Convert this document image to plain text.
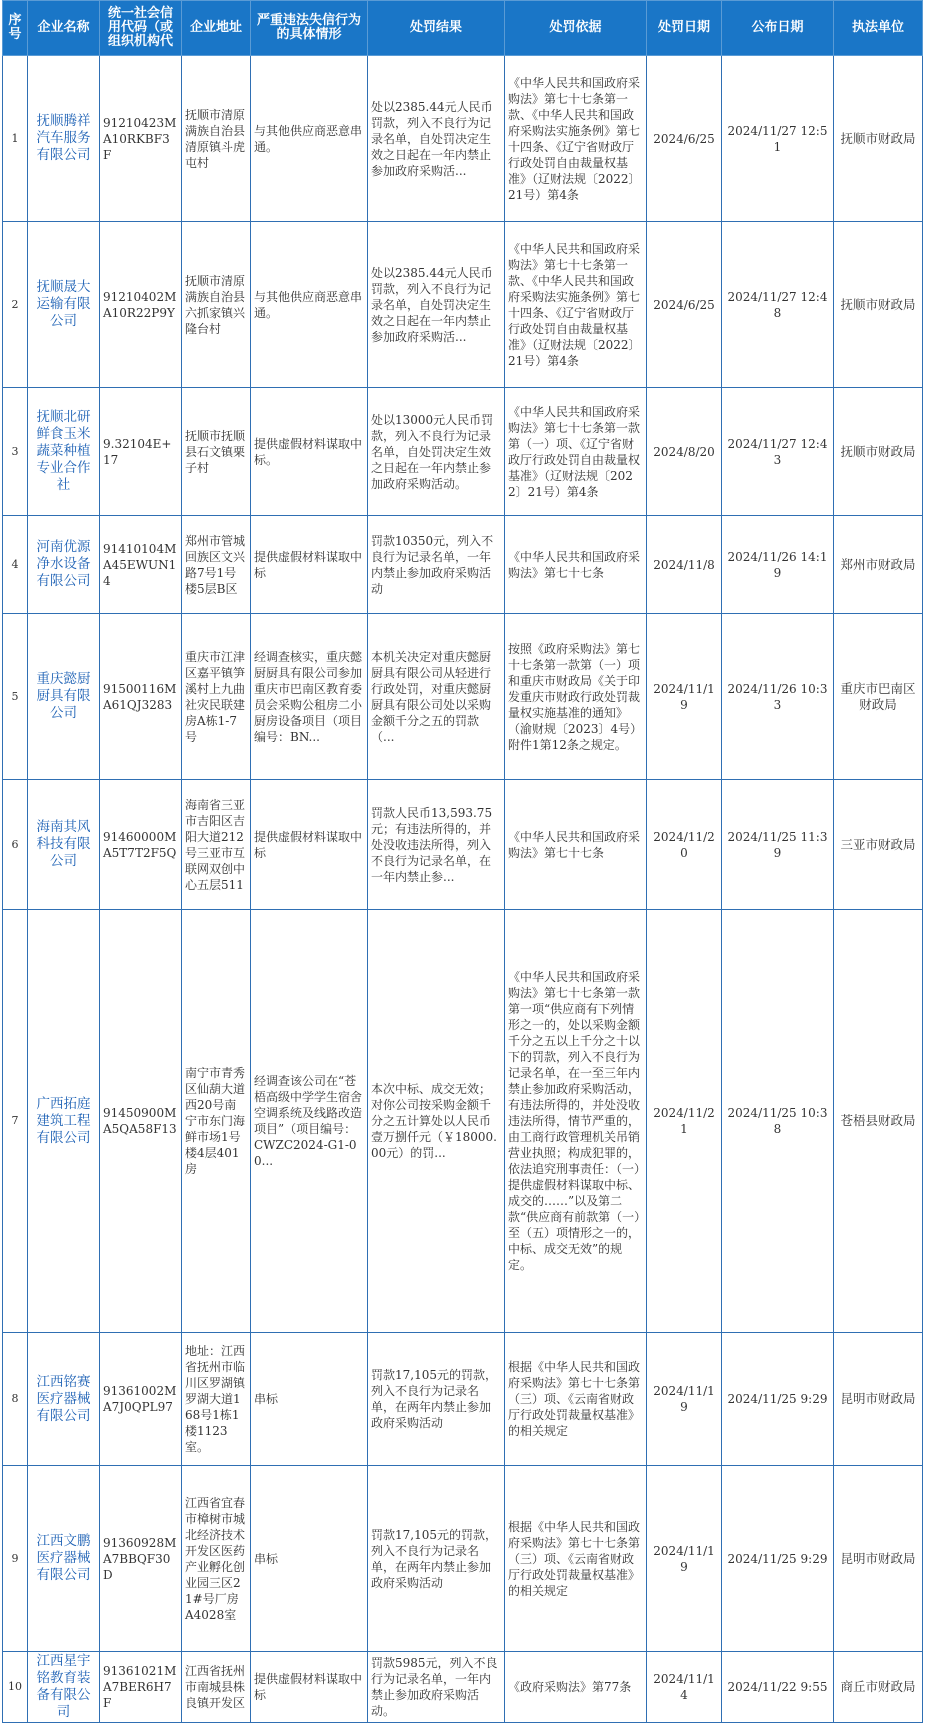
序号	企业名称	统一社会信用代码（或组织机构代	企业地址	严重违法失信行为
的具体情形	处罚结果	处罚依据	处罚日期	公布日期	执法单位
1	抚顺腾祥汽车服务有限公司	91210423MA10RKBF3F	抚顺市清原满族自治县清原镇斗虎屯村	与其他供应商恶意串通。	处以2385.44元人民币罚款，列入不良行为记录名单，自处罚决定生效之日起在一年内禁止参加政府采购活...	《中华人民共和国政府采购法》第七十七条第一款、《中华人民共和国政府采购法实施条例》第七十四条、《辽宁省财政厅行政处罚自由裁量权基准》（辽财法规〔2022〕21号）第4条	2024/6/25	2024/11/27 12:51	抚顺市财政局
2	抚顺晟大运输有限公司	91210402MA10R22P9Y	抚顺市清原满族自治县六抓家镇兴隆台村	与其他供应商恶意串通。	处以2385.44元人民币罚款，列入不良行为记录名单，自处罚决定生效之日起在一年内禁止参加政府采购活...	《中华人民共和国政府采购法》第七十七条第一款、《中华人民共和国政府采购法实施条例》第七十四条、《辽宁省财政厅行政处罚自由裁量权基准》（辽财法规〔2022〕21号）第4条	2024/6/25	2024/11/27 12:48	抚顺市财政局
3	抚顺北研鲜食玉米蔬菜种植专业合作社	9.32104E+17	抚顺市抚顺县石文镇栗子村	提供虚假材料谋取中标。	处以13000元人民币罚款，列入不良行为记录名单，自处罚决定生效之日起在一年内禁止参加政府采购活动。	《中华人民共和国政府采购法》第七十七条第一款第（一）项、《辽宁省财政厅行政处罚自由裁量权基准》（辽财法规〔2022〕21号）第4条	2024/8/20	2024/11/27 12:43	抚顺市财政局
4	河南优源净水设备有限公司	91410104MA45EWUN14	郑州市管城回族区文兴路7号1号楼5层B区	提供虚假材料谋取中标	罚款10350元，列入不良行为记录名单，一年内禁止参加政府采购活动	《中华人民共和国政府采购法》第七十七条	2024/11/8	2024/11/26 14:19	郑州市财政局
5	重庆懿厨厨具有限公司	91500116MA61QJ3283	重庆市江津区嘉平镇笋溪村上九曲社灾民联建房A栋1-7号	经调查核实，重庆懿厨厨具有限公司参加重庆市巴南区教育委员会采购公租房二小厨房设备项目（项目编号：BN...	本机关决定对重庆懿厨厨具有限公司从轻进行行政处罚，对重庆懿厨厨具有限公司处以采购金额千分之五的罚款（...	按照《政府采购法》第七十七条第一款第（一）项和重庆市财政局《关于印发重庆市财政行政处罚裁量权实施基准的通知》（渝财规〔2023〕4号）附件1第12条之规定。	2024/11/19	2024/11/26 10:33	重庆市巴南区财政局
6	海南其风科技有限公司	91460000MA5T7T2F5Q	海南省三亚市吉阳区吉阳大道212号三亚市互联网双创中心五层511	提供虚假材料谋取中标	罚款人民币13,593.75元；有违法所得的，并处没收违法所得，列入不良行为记录名单，在一年内禁止参...	《中华人民共和国政府采购法》第七十七条	2024/11/20	2024/11/25 11:39	三亚市财政局
7	广西拓庭建筑工程有限公司	91450900MA5QA58F13	南宁市青秀区仙葫大道西20号南宁市东门海鲜市场1号楼4层401房	经调查该公司在“苍梧高级中学学生宿舍空调系统及线路改造项目”（项目编号：CWZC2024-G1-00...	本次中标、成交无效；对你公司按采购金额千分之五计算处以人民币壹万捌仟元（￥18000.00元）的罚...	《中华人民共和国政府采购法》第七十七条第一款第一项“供应商有下列情形之一的，处以采购金额千分之五以上千分之十以下的罚款，列入不良行为记录名单，在一至三年内禁止参加政府采购活动，有违法所得的，并处没收违法所得，情节严重的，由工商行政管理机关吊销营业执照；构成犯罪的，依法追究刑事责任：（一）提供虚假材料谋取中标、成交的……”以及第二款“供应商有前款第（一）至（五）项情形之一的，中标、成交无效”的规定。	2024/11/21	2024/11/25 10:38	苍梧县财政局
8	江西铭赛医疗器械有限公司	91361002MA7J0QPL97	地址：江西省抚州市临川区罗湖镇罗湖大道168号1栋1楼1123室。	串标	罚款17,105元的罚款，列入不良行为记录名单，在两年内禁止参加政府采购活动	根据《中华人民共和国政府采购法》第七十七条第（三）项、《云南省财政厅行政处罚裁量权基准》的相关规定	2024/11/19	2024/11/25 9:29	昆明市财政局
9	江西文鹏医疗器械有限公司	91360928MA7BBQF30D	江西省宜春市樟树市城北经济技术开发区医药产业孵化创业园三区21#号厂房A4028室	串标	罚款17,105元的罚款，列入不良行为记录名单，在两年内禁止参加政府采购活动	根据《中华人民共和国政府采购法》第七十七条第（三）项、《云南省财政厅行政处罚裁量权基准》的相关规定	2024/11/19	2024/11/25 9:29	昆明市财政局
10	江西星宇铭教育装备有限公司	91361021MA7BER6H7F	江西省抚州市南城县株良镇开发区	提供虚假材料谋取中标	罚款5985元，列入不良行为记录名单，一年内禁止参加政府采购活动。	《政府采购法》第77条	2024/11/14	2024/11/22 9:55	商丘市财政局
